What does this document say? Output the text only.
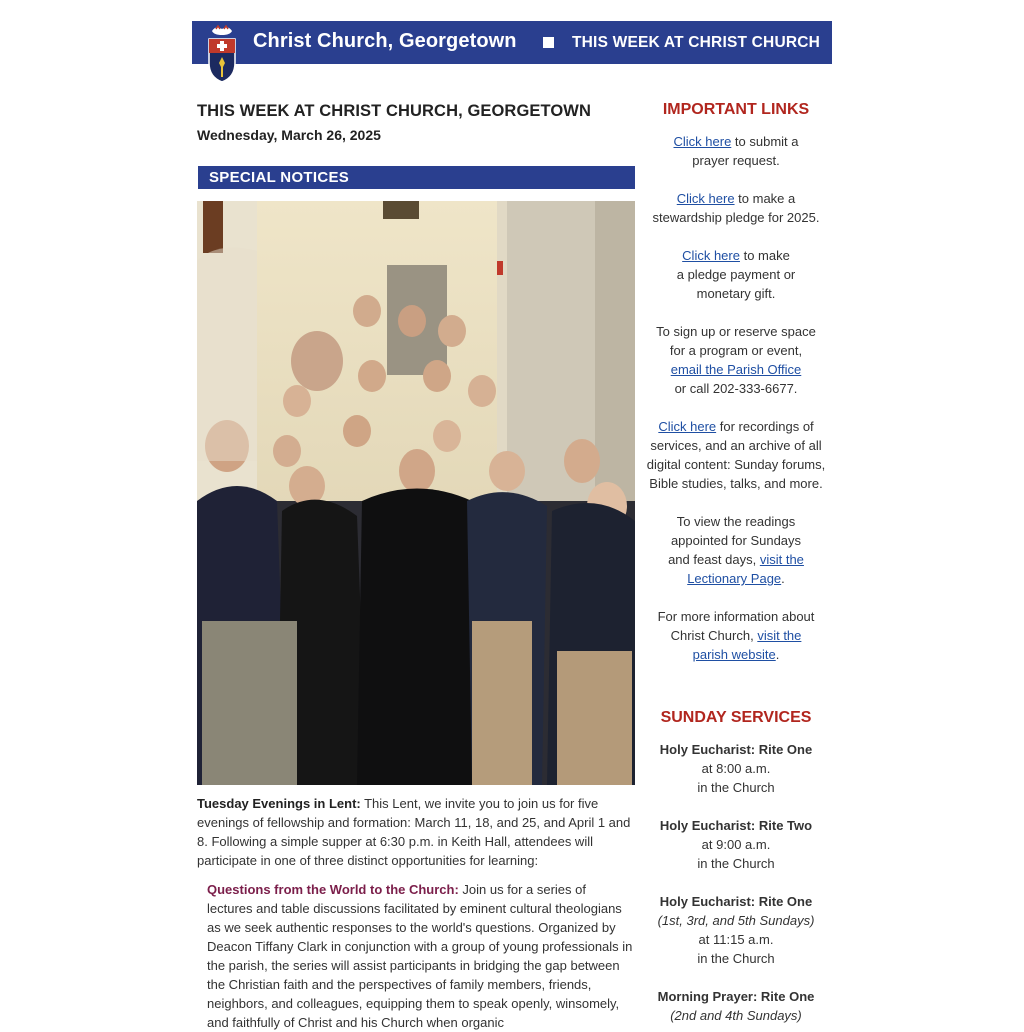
Christ Church, Georgetown	THIS WEEK AT CHRIST CHURCH
THIS WEEK AT CHRIST CHURCH, GEORGETOWN
Wednesday, March 26, 2025
SPECIAL NOTICES
Tuesday Evenings in Lent: This Lent, we invite you to join us for five evenings of fellowship and formation: March 11, 18, and 25, and April 1 and 8. Following a simple supper at 6:30 p.m. in Keith Hall, attendees will participate in one of three distinct opportunities for learning:
Questions from the World to the Church: Join us for a series of lectures and table discussions facilitated by eminent cultural theologians as we seek authentic responses to the world's questions. Organized by Deacon Tiffany Clark in conjunction with a group of young professionals in the parish, the series will assist participants in bridging the gap between the Christian faith and the perspectives of family members, friends, neighbors, and colleagues, equipping them to speak openly, winsomely, and faithfully of Christ and his Church when organic
IMPORTANT LINKS
Click here to submit a prayer request.
Click here to make a stewardship pledge for 2025.
Click here to make
a pledge payment or
monetary gift.
To sign up or reserve space
for a program or event,
email the Parish Office
or call 202-333-6677.
Click here for recordings of services, and an archive of all digital content: Sunday forums, Bible studies, talks, and more.
To view the readings
appointed for Sundays
and feast days, visit the
Lectionary Page.
For more information about
Christ Church, visit the
parish website.
SUNDAY SERVICES
Holy Eucharist: Rite One
at 8:00 a.m.
in the Church
Holy Eucharist: Rite Two
at 9:00 a.m.
in the Church
Holy Eucharist: Rite One
(1st, 3rd, and 5th Sundays)
at 11:15 a.m.
in the Church
Morning Prayer: Rite One
(2nd and 4th Sundays)
